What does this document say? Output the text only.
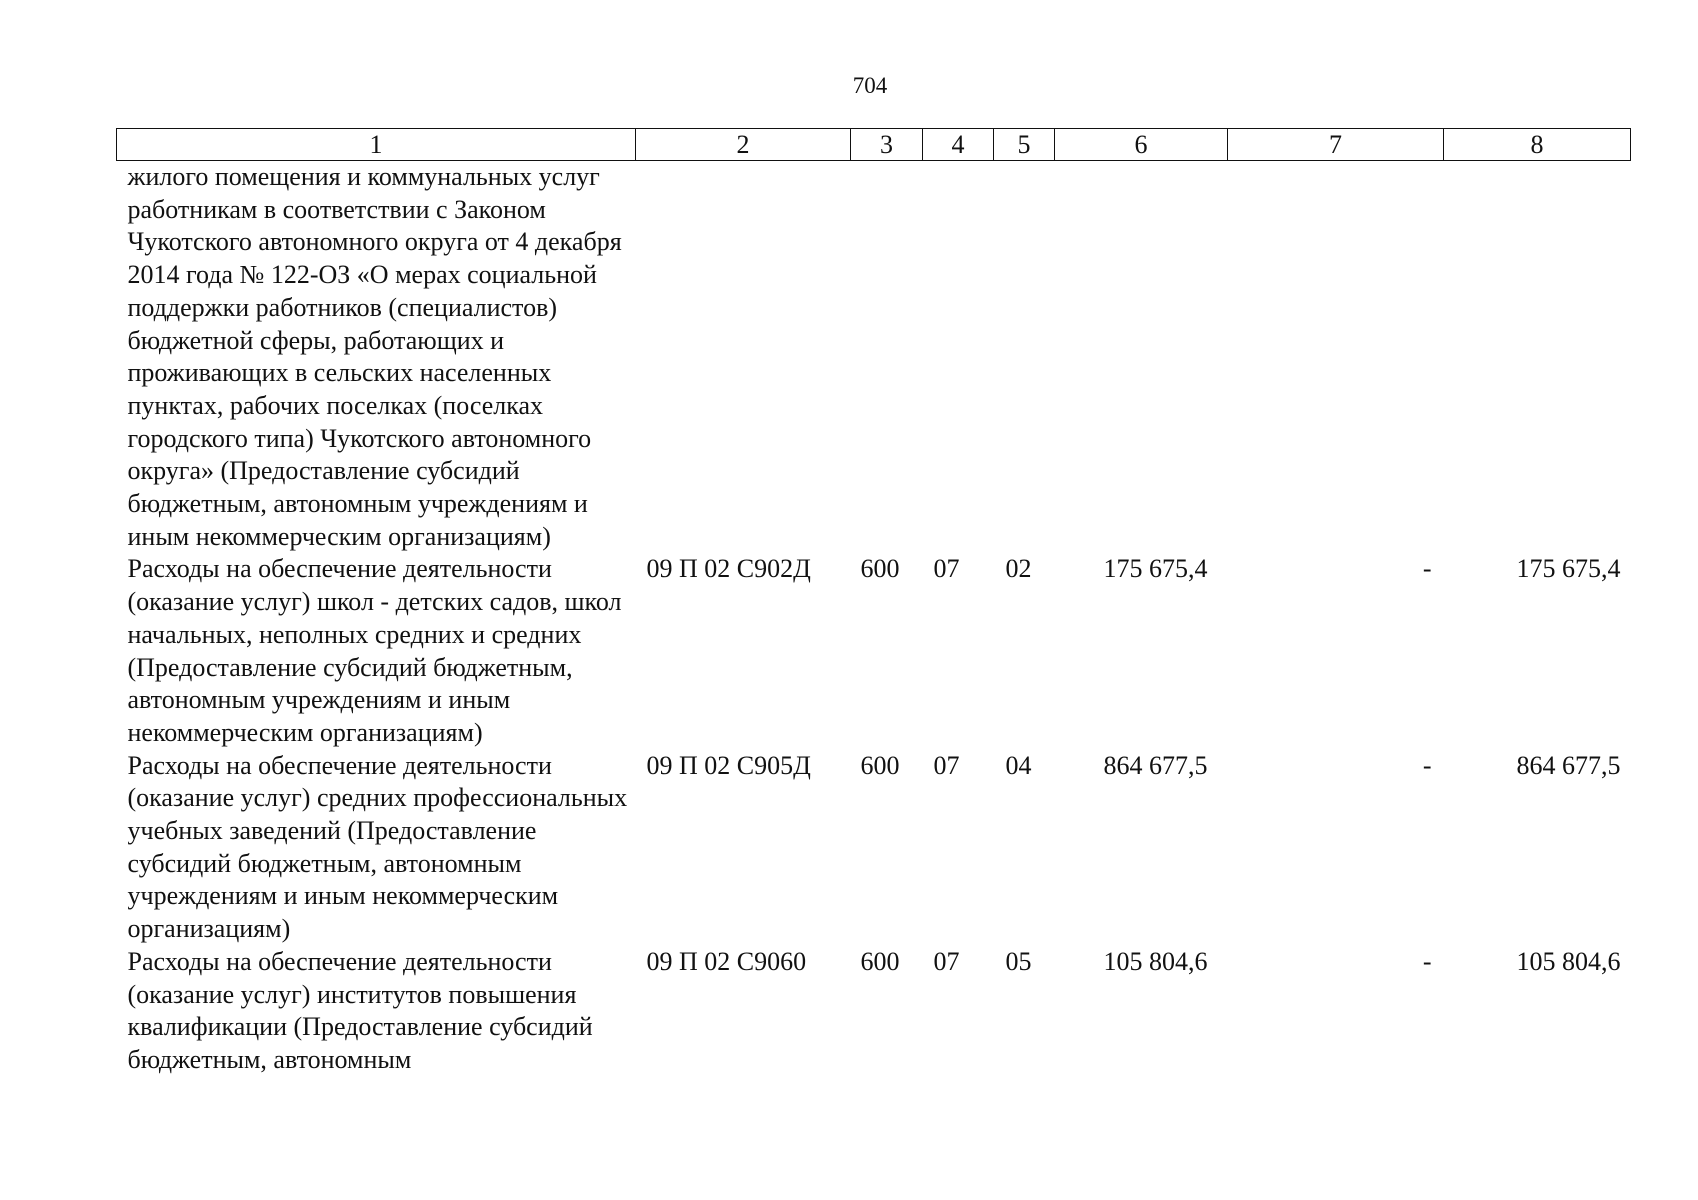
704
1	2	3	4	5	6	7	8
жилого помещения и коммунальных услуг работникам в соответствии с Законом Чукотского автономного округа от 4 декабря 2014 года № 122-ОЗ «О мерах социальной поддержки работников (специалистов) бюджетной сферы, работающих и проживающих в сельских населенных пунктах, рабочих поселках (поселках городского типа) Чукотского автономного округа» (Предоставление субсидий бюджетным, автономным учреждениям и иным некоммерческим организациям)							
Расходы на обеспечение деятельности (оказание услуг) школ - детских садов, школ начальных, неполных средних и средних (Предоставление субсидий бюджетным, автономным учреждениям и иным некоммерческим организациям)	09 П 02 С902Д	600	07	02	175 675,4	-	175 675,4
Расходы на обеспечение деятельности (оказание услуг) средних профессиональных учебных заведений (Предоставление субсидий бюджетным, автономным учреждениям и иным некоммерческим организациям)	09 П 02 С905Д	600	07	04	864 677,5	-	864 677,5
Расходы на обеспечение деятельности (оказание услуг) институтов повышения квалификации (Предоставление субсидий бюджетным, автономным	09 П 02 С9060	600	07	05	105 804,6	-	105 804,6
